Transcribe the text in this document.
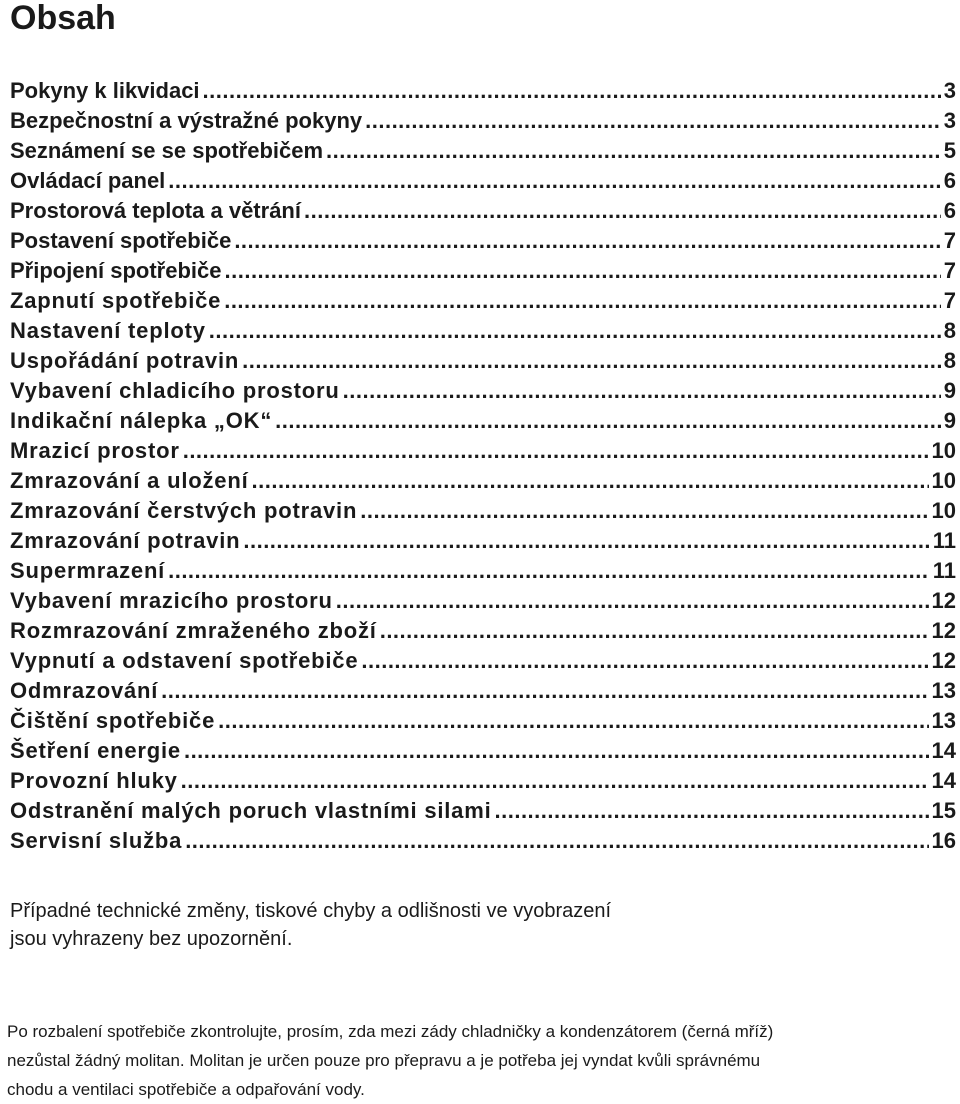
Obsah
Pokyny k likvidaci .....	3
Bezpečnostní a výstražné pokyny .....	3
Seznámení se se spotřebičem .....	5
Ovládací panel .....	6
Prostorová teplota a větrání .....	6
Postavení spotřebiče .....	7
Připojení spotřebiče .....	7
Zapnutí spotřebiče .....	7
Nastavení teploty .....	8
Uspořádání potravin .....	8
Vybavení chladicího prostoru .....	9
Indikační nálepka „OK“ .....	9
Mrazicí prostor .....	10
Zmrazování a uložení .....	10
Zmrazování čerstvých potravin .....	10
Zmrazování potravin .....	11
Supermrazení .....	11
Vybavení mrazicího prostoru .....	12
Rozmrazování zmraženého zboží .....	12
Vypnutí a odstavení spotřebiče .....	12
Odmrazování .....	13
Čištění spotřebiče .....	13
Šetření energie .....	14
Provozní hluky .....	14
Odstranění malých poruch vlastními silami .....	15
Servisní služba .....	16

Případné technické změny, tiskové chyby a odlišnosti ve vyobrazení
jsou vyhrazeny bez upozornění.

Po rozbalení spotřebiče zkontrolujte, prosím, zda mezi zády chladničky a kondenzátorem (černá mříž)
nezůstal žádný molitan. Molitan je určen pouze pro přepravu a je potřeba jej vyndat kvůli správnému
chodu a ventilaci spotřebiče a odpařování vody.
